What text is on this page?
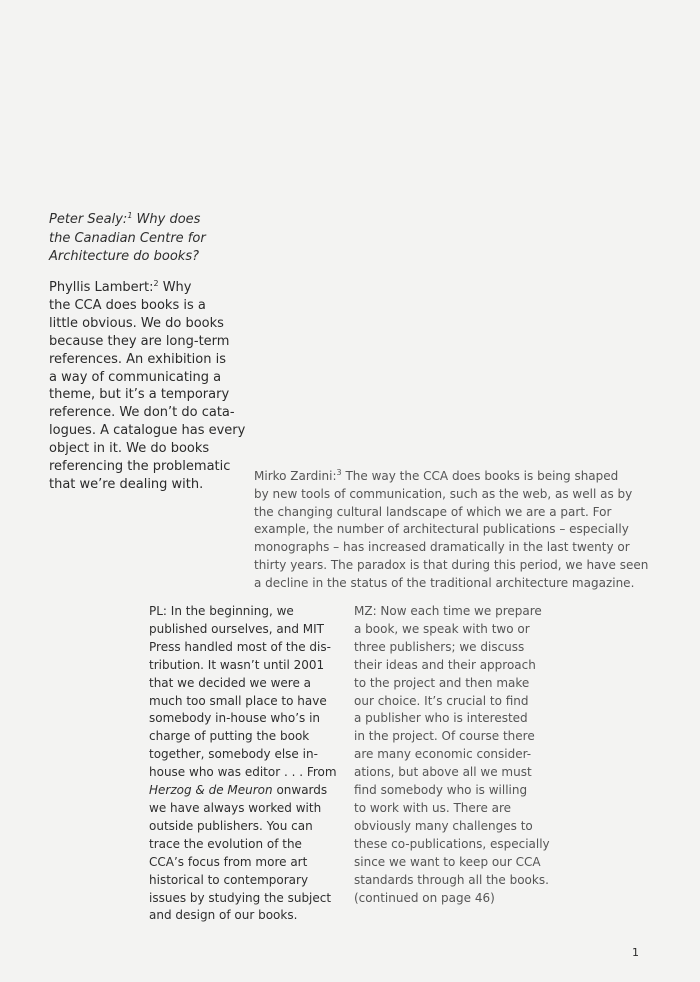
Peter Sealy:$^1$ Why does
the Canadian Centre for
Architecture do books?
Phyllis Lambert:$^2$ Why
the CCA does books is a
little obvious. We do books
because they are long-term
references. An exhibition is
a way of communicating a
theme, but it’s a temporary
reference. We don’t do cata-
logues. A catalogue has every
object in it. We do books
referencing the problematic
that we’re dealing with.
Mirko Zardini:$^3$ The way the CCA does books is being shaped
by new tools of communication, such as the web, as well as by
the changing cultural landscape of which we are a part. For
example, the number of architectural publications – especially
monographs – has increased dramatically in the last twenty or
thirty years. The paradox is that during this period, we have seen
a decline in the status of the traditional architecture magazine.
PL: In the beginning, we
published ourselves, and MIT
Press handled most of the dis-
tribution. It wasn’t until 2001
that we decided we were a
much too small place to have
somebody in-house who’s in
charge of putting the book
together, somebody else in-
house who was editor . . . From
Herzog & de Meuron onwards
we have always worked with
outside publishers. You can
trace the evolution of the
CCA’s focus from more art
historical to contemporary
issues by studying the subject
and design of our books.
MZ: Now each time we prepare
a book, we speak with two or
three publishers; we discuss
their ideas and their approach
to the project and then make
our choice. It’s crucial to find
a publisher who is interested
in the project. Of course there
are many economic consider-
ations, but above all we must
find somebody who is willing
to work with us. There are
obviously many challenges to
these co-publications, especially
since we want to keep our CCA
standards through all the books.
(continued on page 46)
1
